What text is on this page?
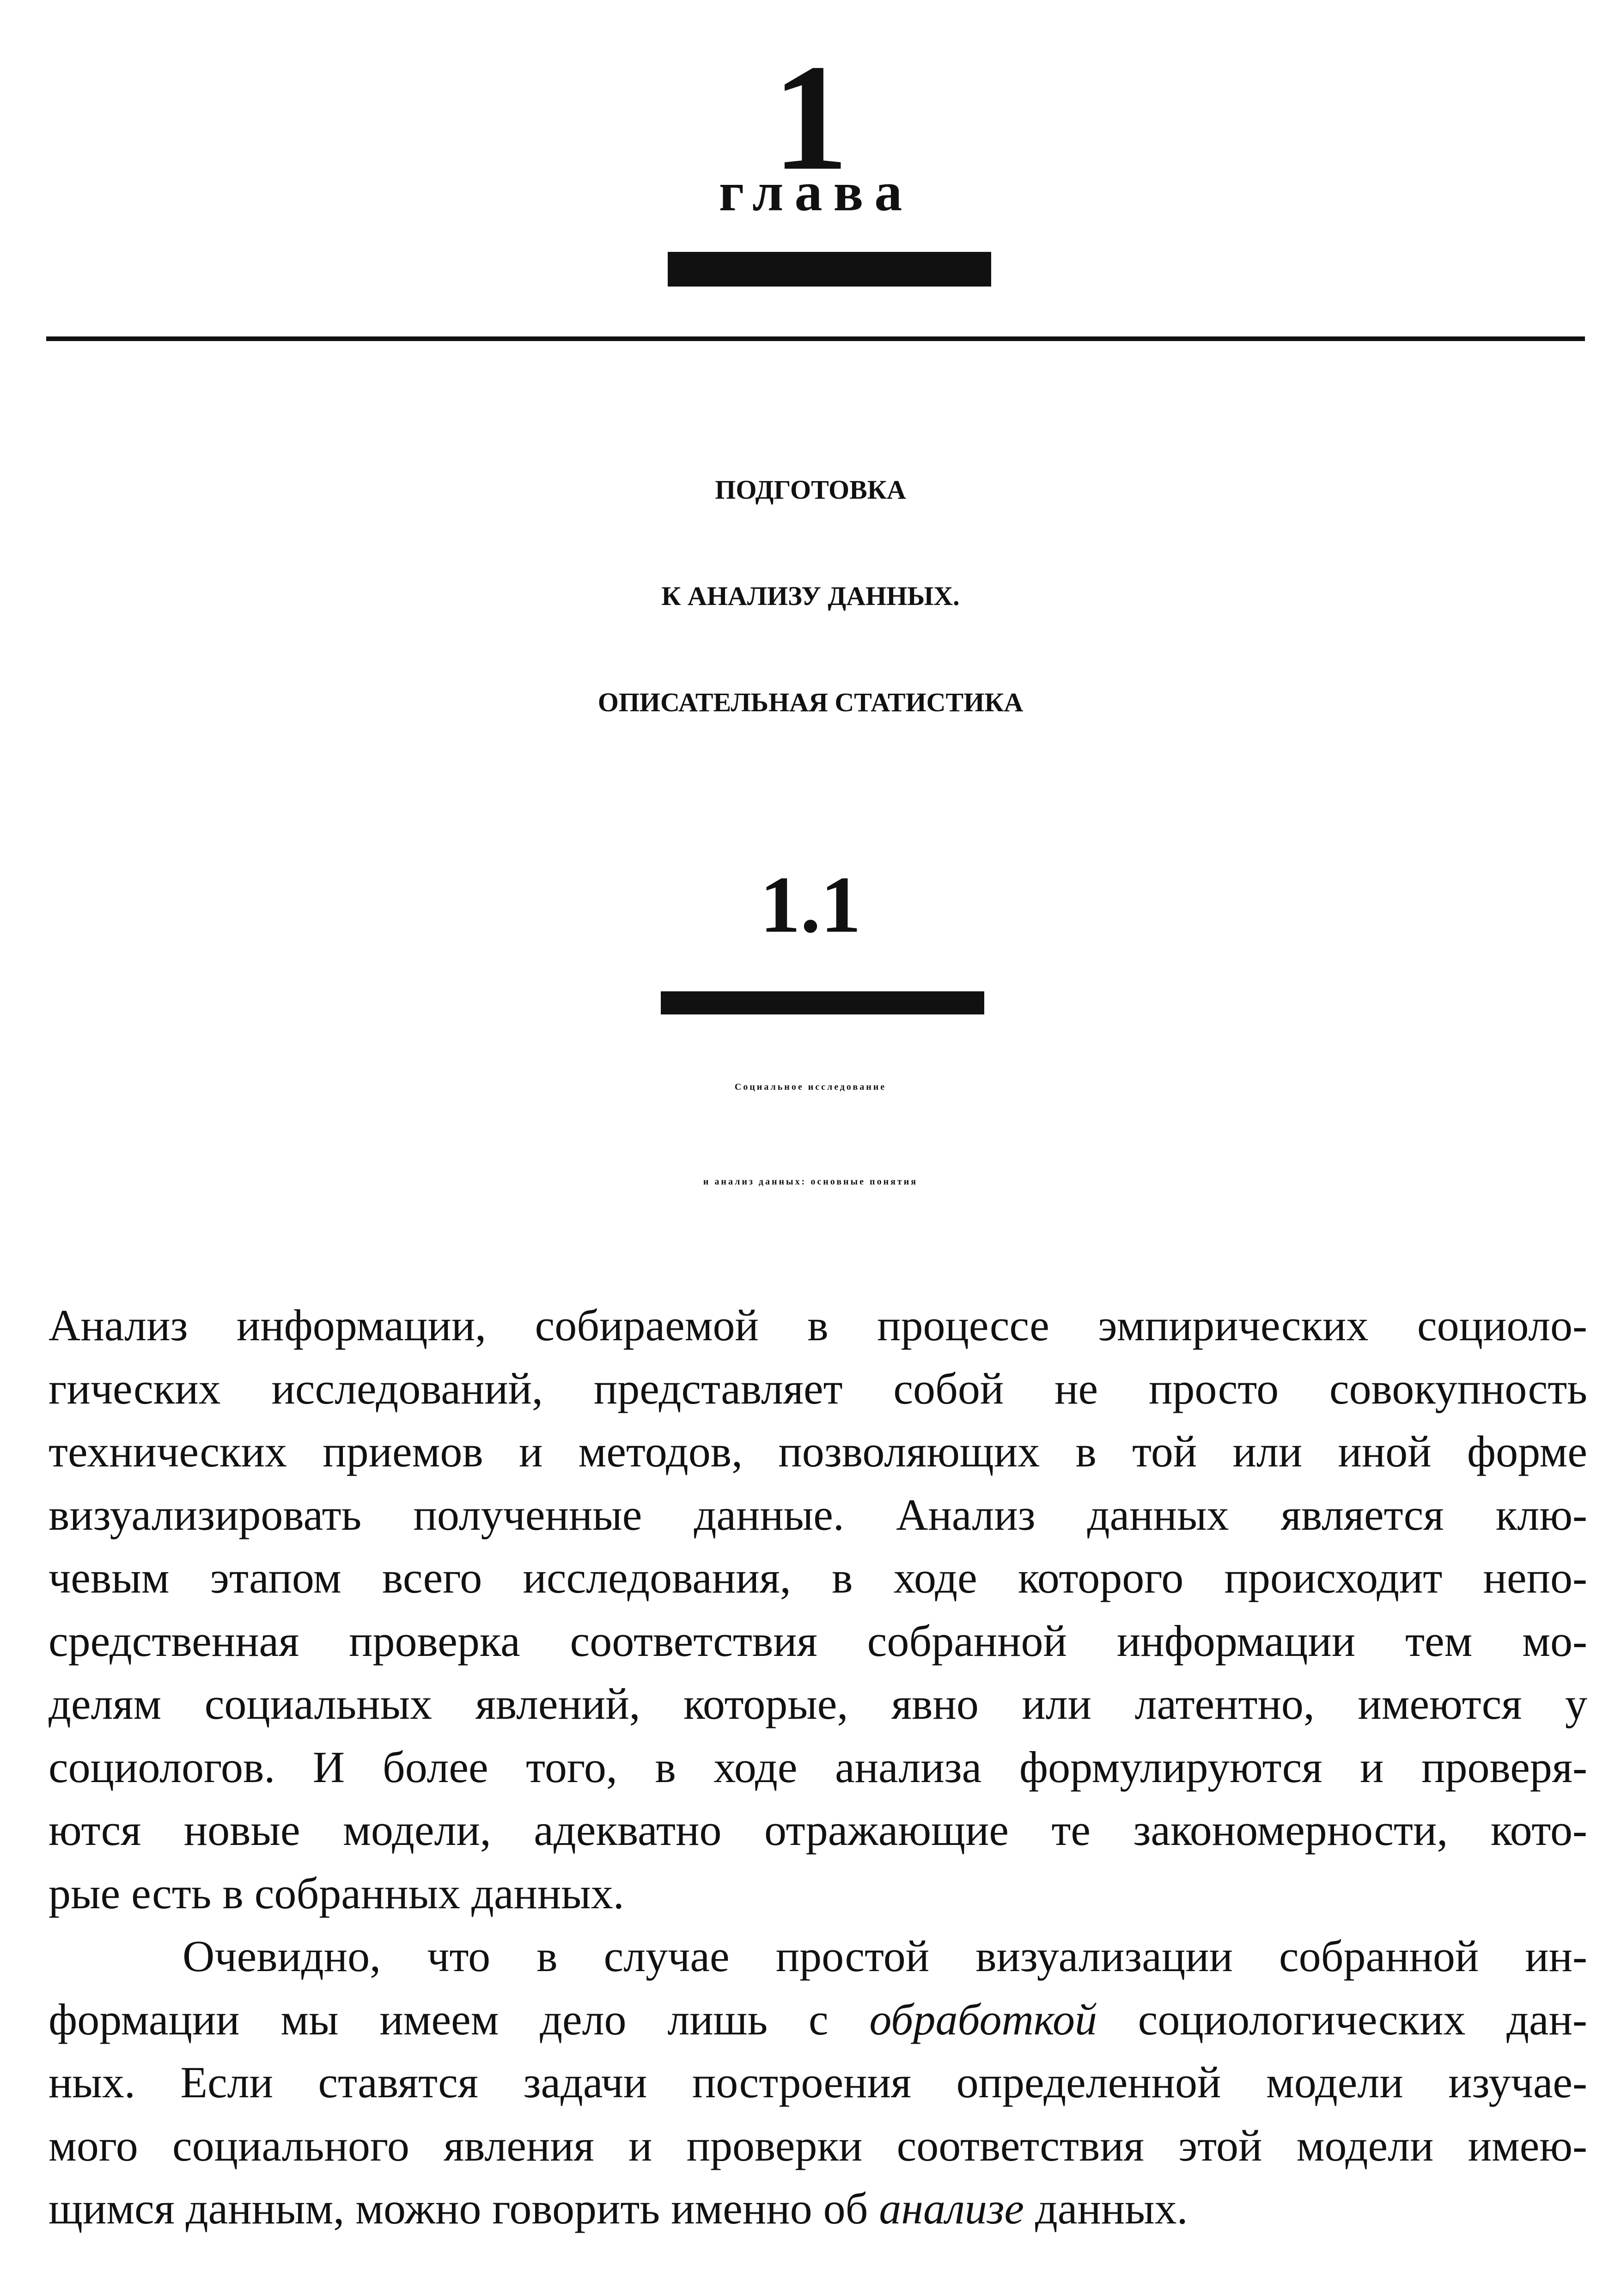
1
глава
ПОДГОТОВКА
К АНАЛИЗУ ДАННЫХ.
ОПИСАТЕЛЬНАЯ СТАТИСТИКА
1.1
Социальное исследование
и анализ данных: основные понятия
Анализ информации, собираемой в процессе эмпирических социоло-
гических исследований, представляет собой не просто совокупность
технических приемов и методов, позволяющих в той или иной форме
визуализировать полученные данные. Анализ данных является клю-
чевым этапом всего исследования, в ходе которого происходит непо-
средственная проверка соответствия собранной информации тем мо-
делям социальных явлений, которые, явно или латентно, имеются у
социологов. И более того, в ходе анализа формулируются и проверя-
ются новые модели, адекватно отражающие те закономерности, кото-
рые есть в собранных данных.
Очевидно, что в случае простой визуализации собранной ин-
формации мы имеем дело лишь с обработкой социологических дан-
ных. Если ставятся задачи построения определенной модели изучае-
мого социального явления и проверки соответствия этой модели имею-
щимся данным, можно говорить именно об анализе данных.
